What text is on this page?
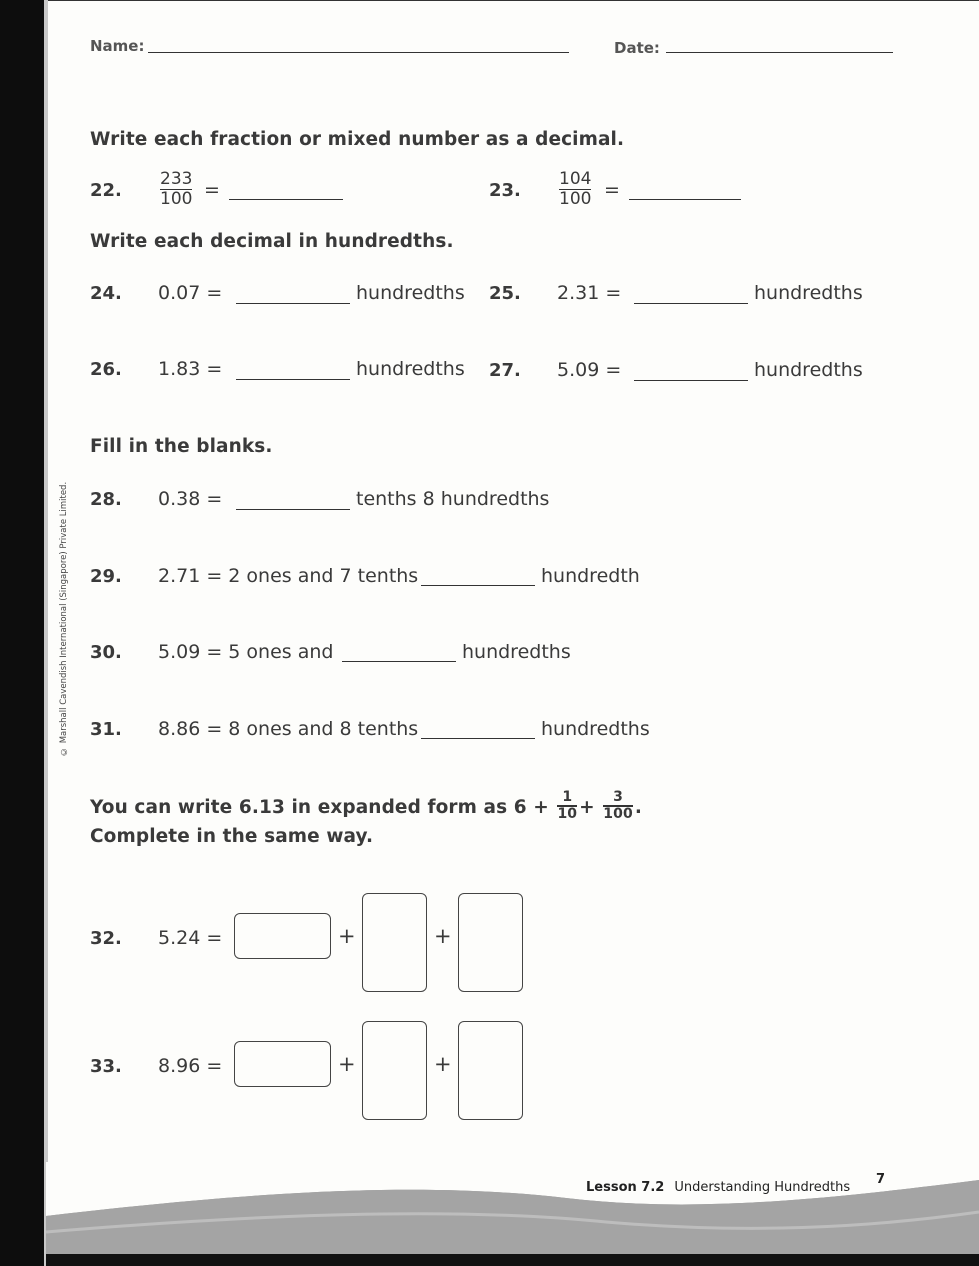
© Marshall Cavendish International (Singapore) Private Limited.
Name:	Date:
Write each fraction or mixed number as a decimal.
22.
233
100 =	23.
104
100 =
Write each decimal in hundredths.
24. 0.07 =	hundredths 25. 2.31 =	hundredths
26. 1.83 =	hundredths 27. 5.09 =	hundredths
Fill in the blanks.
28. 0.38 =	tenths 8 hundredths
29. 2.71 = 2 ones and 7 tenths	hundredth
30. 5.09 = 5 ones and	hundredths
31. 8.86 = 8 ones and 8 tenths	hundredths
You can write 6.13 in expanded form as $6 + \frac{1}{10} + \frac{3}{100}$ .
Complete in the same way.
32. 5.24 =	+	+
33. 8.96 =	+	+
Lesson 7.2 Understanding Hundredths
7
